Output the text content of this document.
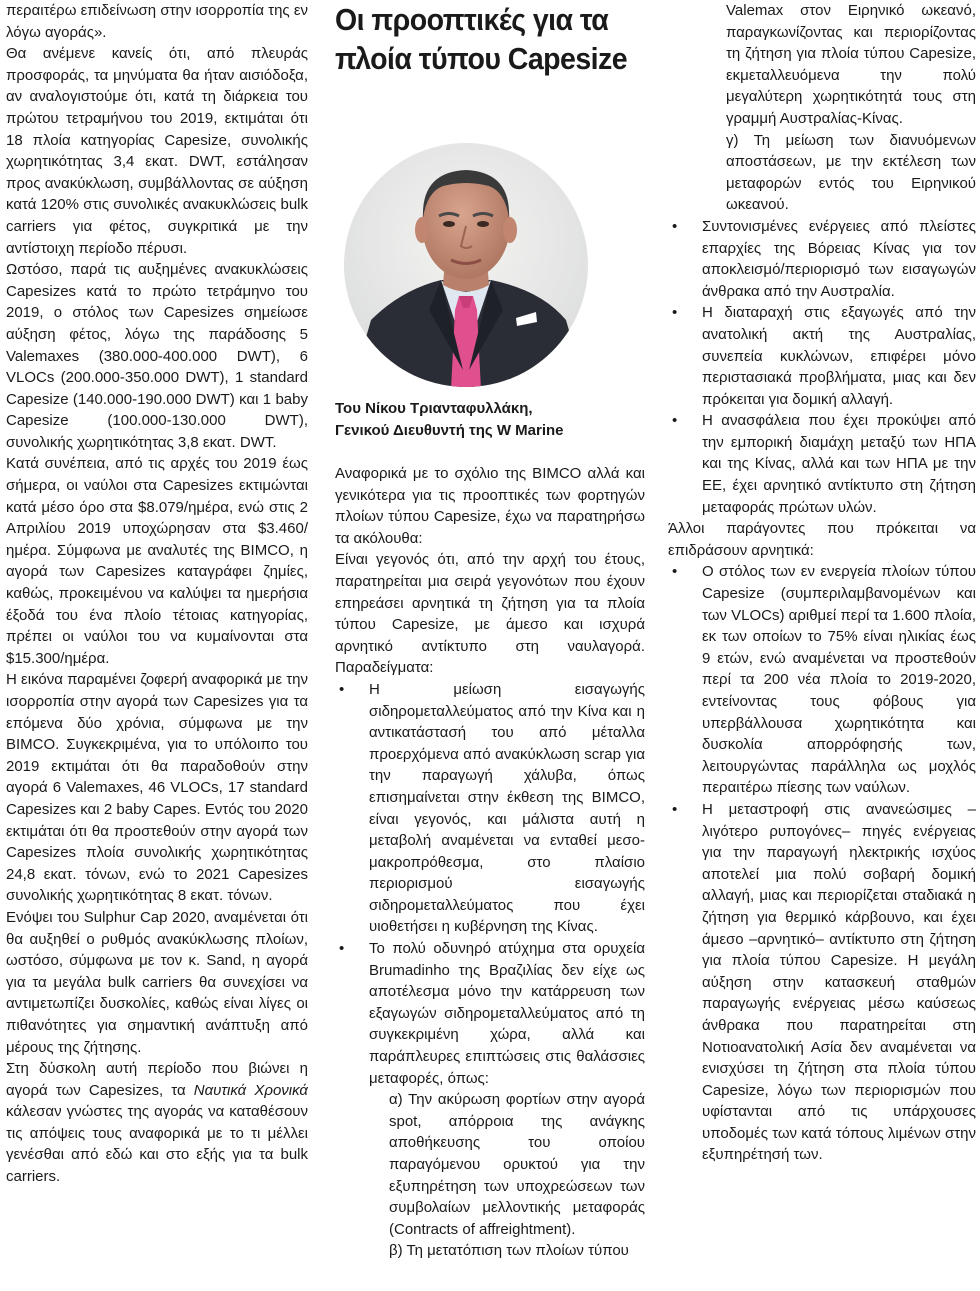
περαιτέρω επιδείνωση στην ισορροπία της εν λόγω αγοράς».

Θα ανέμενε κανείς ότι, από πλευράς προσφοράς, τα μηνύματα θα ήταν αισιόδοξα, αν αναλογιστούμε ότι, κατά τη διάρκεια του πρώτου τετραμήνου του 2019, εκτιμάται ότι 18 πλοία κατηγορίας Capesize, συνολικής χωρητικότητας 3,4 εκατ. DWT, εστάλησαν προς ανακύκλωση, συμβάλλοντας σε αύξηση κατά 120% στις συνολικές ανακυκλώσεις bulk carriers για φέτος, συγκριτικά με την αντίστοιχη περίοδο πέρυσι.

Ωστόσο, παρά τις αυξημένες ανακυκλώσεις Capesizes κατά το πρώτο τετράμηνο του 2019, ο στόλος των Capesizes σημείωσε αύξηση φέτος, λόγω της παράδοσης 5 Valemaxes (380.000-400.000 DWT), 6 VLOCs (200.000-350.000 DWT), 1 standard Capesize (140.000-190.000 DWT) και 1 baby Capesize (100.000-130.000 DWT), συνολικής χωρητικότητας 3,8 εκατ. DWT.

Κατά συνέπεια, από τις αρχές του 2019 έως σήμερα, οι ναύλοι στα Capesizes εκτιμώνται κατά μέσο όρο στα $8.079/ημέρα, ενώ στις 2 Απριλίου 2019 υποχώρησαν στα $3.460/ημέρα. Σύμφωνα με αναλυτές της BIMCO, η αγορά των Capesizes καταγράφει ζημίες, καθώς, προκειμένου να καλύψει τα ημερήσια έξοδά του ένα πλοίο τέτοιας κατηγορίας, πρέπει οι ναύλοι του να κυμαίνονται στα $15.300/ημέρα.

Η εικόνα παραμένει ζοφερή αναφορικά με την ισορροπία στην αγορά των Capesizes για τα επόμενα δύο χρόνια, σύμφωνα με την BIMCO. Συγκεκριμένα, για το υπόλοιπο του 2019 εκτιμάται ότι θα παραδοθούν στην αγορά 6 Valemaxes, 46 VLOCs, 17 standard Capesizes και 2 baby Capes. Εντός του 2020 εκτιμάται ότι θα προστεθούν στην αγορά των Capesizes πλοία συνολικής χωρητικότητας 24,8 εκατ. τόνων, ενώ το 2021 Capesizes συνολικής χωρητικότητας 8 εκατ. τόνων.

Ενόψει του Sulphur Cap 2020, αναμένεται ότι θα αυξηθεί ο ρυθμός ανακύκλωσης πλοίων, ωστόσο, σύμφωνα με τον κ. Sand, η αγορά για τα μεγάλα bulk carriers θα συνεχίσει να αντιμετωπίζει δυσκολίες, καθώς είναι λίγες οι πιθανότητες για σημαντική ανάπτυξη από μέρους της ζήτησης.

Στη δύσκολη αυτή περίοδο που βιώνει η αγορά των Capesizes, τα Ναυτικά Χρονικά κάλεσαν γνώστες της αγοράς να καταθέσουν τις απόψεις τους αναφορικά με το τι μέλλει γενέσθαι από εδώ και στο εξής για τα bulk carriers.

Οι προοπτικές για τα πλοία τύπου Capesize
Του Νίκου Τριανταφυλλάκη,
Γενικού Διευθυντή της W Marine

Αναφορικά με το σχόλιο της BIMCO αλλά και γενικότερα για τις προοπτικές των φορτηγών πλοίων τύπου Capesize, έχω να παρατηρήσω τα ακόλουθα:

Είναι γεγονός ότι, από την αρχή του έτους, παρατηρείται μια σειρά γεγονότων που έχουν επηρεάσει αρνητικά τη ζήτηση για τα πλοία τύπου Capesize, με άμεσο και ισχυρά αρνητικό αντίκτυπο στη ναυλαγορά. Παραδείγματα:

• Η μείωση εισαγωγής σιδηρομεταλλεύματος από την Κίνα και η αντικατάστασή του από μέταλλα προερχόμενα από ανακύκλωση scrap για την παραγωγή χάλυβα, όπως επισημαίνεται στην έκθεση της BIMCO, είναι γεγονός, και μάλιστα αυτή η μεταβολή αναμένεται να ενταθεί μεσο-μακροπρόθεσμα, στο πλαίσιο περιορισμού εισαγωγής σιδηρομεταλλεύματος που έχει υιοθετήσει η κυβέρνηση της Κίνας.
• Το πολύ οδυνηρό ατύχημα στα ορυχεία Brumadinho της Βραζιλίας δεν είχε ως αποτέλεσμα μόνο την κατάρρευση των εξαγωγών σιδηρομεταλλεύματος από τη συγκεκριμένη χώρα, αλλά και παράπλευρες επιπτώσεις στις θαλάσσιες μεταφορές, όπως:

α) Την ακύρωση φορτίων στην αγορά spot, απόρροια της ανάγκης αποθήκευσης του οποίου παραγόμενου ορυκτού για την εξυπηρέτηση των υποχρεώσεων των συμβολαίων μελλοντικής μεταφοράς (Contracts of affreightment).

β) Τη μετατόπιση των πλοίων τύπου

Valemax στον Ειρηνικό ωκεανό, παραγκωνίζοντας και περιορίζοντας τη ζήτηση για πλοία τύπου Capesize, εκμεταλλευόμενα την πολύ μεγαλύτερη χωρητικότητά τους στη γραμμή Αυστραλίας-Κίνας.

γ) Τη μείωση των διανυόμενων αποστάσεων, με την εκτέλεση των μεταφορών εντός του Ειρηνικού ωκεανού.

• Συντονισμένες ενέργειες από πλείστες επαρχίες της Βόρειας Κίνας για τον αποκλεισμό/περιορισμό των εισαγωγών άνθρακα από την Αυστραλία.
• Η διαταραχή στις εξαγωγές από την ανατολική ακτή της Αυστραλίας, συνεπεία κυκλώνων, επιφέρει μόνο περιστασιακά προβλήματα, μιας και δεν πρόκειται για δομική αλλαγή.
• Η ανασφάλεια που έχει προκύψει από την εμπορική διαμάχη μεταξύ των ΗΠΑ και της Κίνας, αλλά και των ΗΠΑ με την ΕΕ, έχει αρνητικό αντίκτυπο στη ζήτηση μεταφοράς πρώτων υλών.

Άλλοι παράγοντες που πρόκειται να επιδράσουν αρνητικά:

• Ο στόλος των εν ενεργεία πλοίων τύπου Capesize (συμπεριλαμβανομένων και των VLOCs) αριθμεί περί τα 1.600 πλοία, εκ των οποίων το 75% είναι ηλικίας έως 9 ετών, ενώ αναμένεται να προστεθούν περί τα 200 νέα πλοία το 2019-2020, εντείνοντας τους φόβους για υπερβάλλουσα χωρητικότητα και δυσκολία απορρόφησής των, λειτουργώντας παράλληλα ως μοχλός περαιτέρω πίεσης των ναύλων.
• Η μεταστροφή στις ανανεώσιμες –λιγότερο ρυπογόνες– πηγές ενέργειας για την παραγωγή ηλεκτρικής ισχύος αποτελεί μια πολύ σοβαρή δομική αλλαγή, μιας και περιορίζεται σταδιακά η ζήτηση για θερμικό κάρβουνο, και έχει άμεσο –αρνητικό– αντίκτυπο στη ζήτηση για πλοία τύπου Capesize. Η μεγάλη αύξηση στην κατασκευή σταθμών παραγωγής ενέργειας μέσω καύσεως άνθρακα που παρατηρείται στη Νοτιοανατολική Ασία δεν αναμένεται να ενισχύσει τη ζήτηση στα πλοία τύπου Capesize, λόγω των περιορισμών που υφίστανται από τις υπάρχουσες υποδομές των κατά τόπους λιμένων στην εξυπηρέτησή των.
